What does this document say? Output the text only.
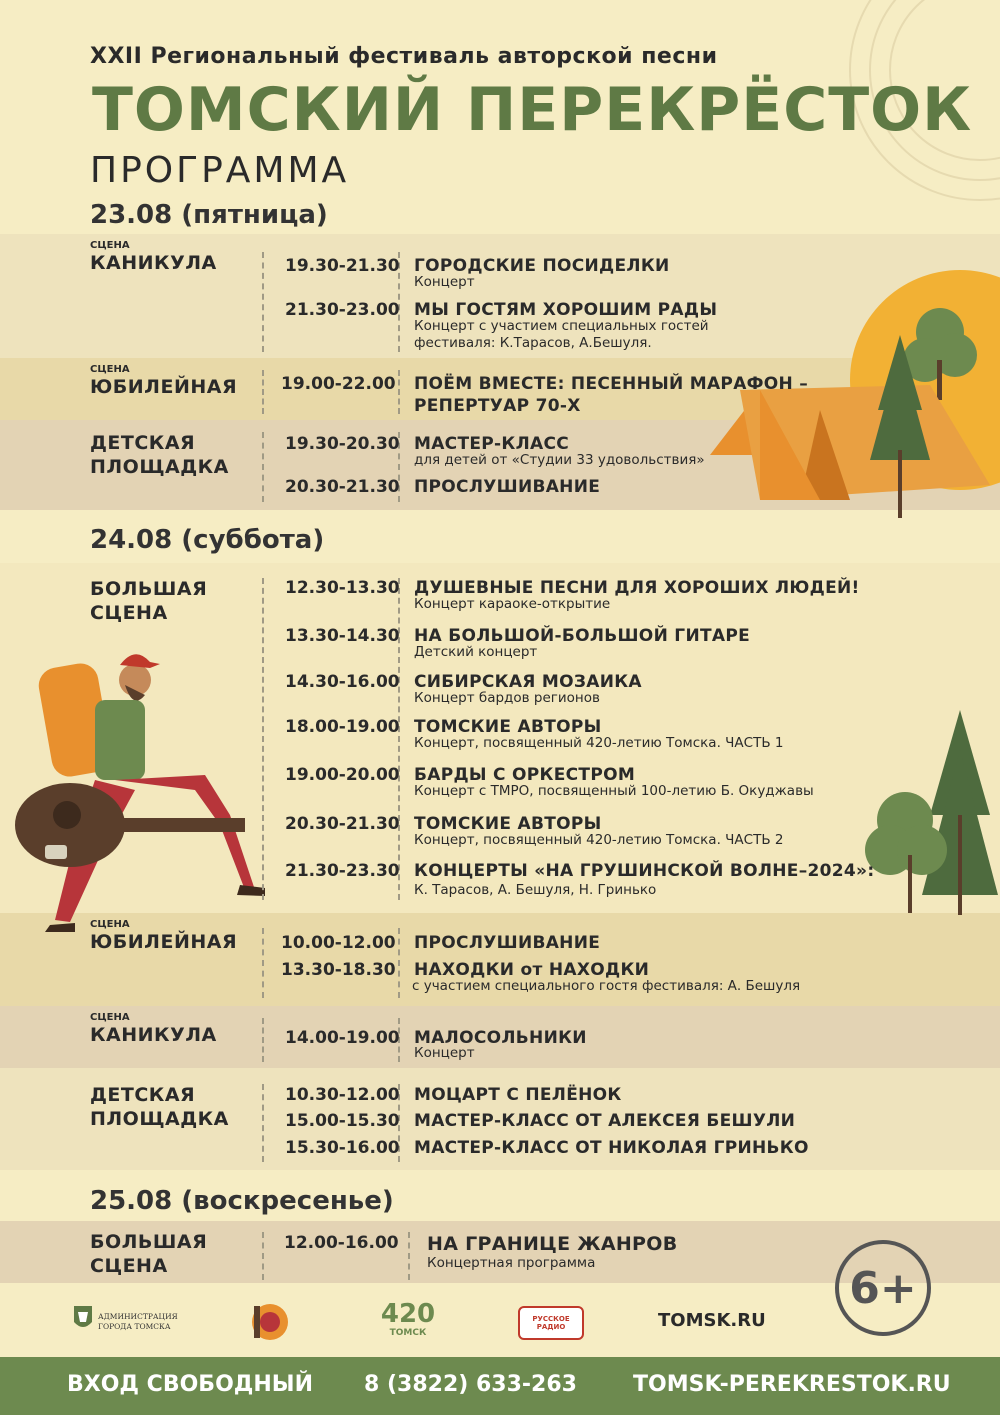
XXII Региональный фестиваль авторской песни
ТОМСКИЙ ПЕРЕКРЁСТОК
ПРОГРАММА
23.08 (пятница)
СЦЕНА
КАНИКУЛА	19.30-21.30 ГОРОДСКИЕ ПОСИДЕЛКИ
Концерт
21.30-23.00 МЫ ГОСТЯМ ХОРОШИМ РАДЫ
Концерт с участием специальных гостей
фестиваля: К.Тарасов, А.Бешуля.
СЦЕНА
ЮБИЛЕЙНАЯ	19.00-22.00 ПОЁМ ВМЕСТЕ: ПЕСЕННЫЙ МАРАФОН –
РЕПЕРТУАР 70-Х
ДЕТСКАЯ
ПЛОЩАДКА
19.30-20.30 МАСТЕР-КЛАСС
для детей от «Студии 33 удовольствия»
20.30-21.30 ПРОСЛУШИВАНИЕ
24.08 (суббота)
БОЛЬШАЯ
СЦЕНА
12.30-13.30 ДУШЕВНЫЕ ПЕСНИ ДЛЯ ХОРОШИХ ЛЮДЕЙ!
Концерт караоке-открытие
13.30-14.30 НА БОЛЬШОЙ-БОЛЬШОЙ ГИТАРЕ
Детский концерт
14.30-16.00 СИБИРСКАЯ МОЗАИКА
Концерт бардов регионов
18.00-19.00 ТОМСКИЕ АВТОРЫ
Концерт, посвященный 420-летию Томска. ЧАСТЬ 1
19.00-20.00 БАРДЫ С ОРКЕСТРОМ
Концерт с ТМРО, посвященный 100-летию Б. Окуджавы
20.30-21.30 ТОМСКИЕ АВТОРЫ
Концерт, посвященный 420-летию Томска. ЧАСТЬ 2
21.30-23.30 КОНЦЕРТЫ «НА ГРУШИНСКОЙ ВОЛНЕ–2024»:
К. Тарасов, А. Бешуля, Н. Гринько
СЦЕНА
ЮБИЛЕЙНАЯ	10.00-12.00 ПРОСЛУШИВАНИЕ
13.30-18.30 НАХОДКИ от НАХОДКИ
с участием специального гостя фестиваля: А. Бешуля
СЦЕНА
КАНИКУЛА	14.00-19.00 МАЛОСОЛЬНИКИ
Концерт
ДЕТСКАЯ
ПЛОЩАДКА
10.30-12.00 МОЦАРТ С ПЕЛЁНОК
15.00-15.30 МАСТЕР-КЛАСС ОТ АЛЕКСЕЯ БЕШУЛИ
15.30-16.00 МАСТЕР-КЛАСС ОТ НИКОЛАЯ ГРИНЬКО
25.08 (воскресенье)
БОЛЬШАЯ
СЦЕНА
12.00-16.00 НА ГРАНИЦЕ ЖАНРОВ
Концертная программа	6+
АДМИНИСТРАЦИЯ
ГОРОДА ТОМСКА	420
ТОМСК
РУССКОЕ РАДИО	TOMSK.RU
ВХОД СВОБОДНЫЙ 8 (3822) 633-263	TOMSK-PEREKRESTOK.RU
